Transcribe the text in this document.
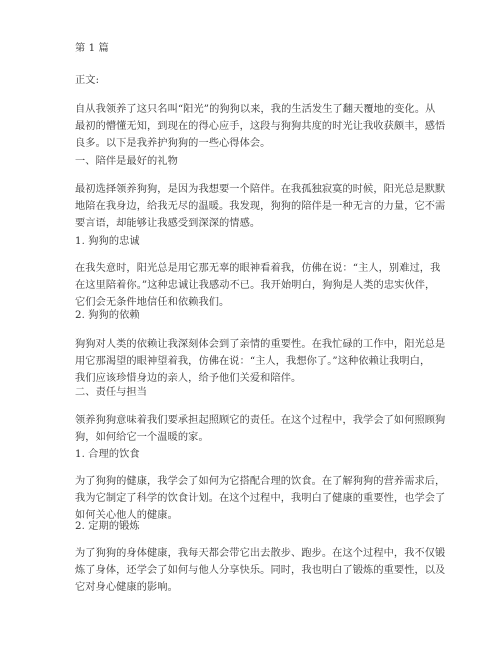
第 1 篇

正文:

自从我领养了这只名叫“阳光”的狗狗以来，我的生活发生了翻天覆地的变化。从
最初的懵懂无知，到现在的得心应手，这段与狗狗共度的时光让我收获颇丰，感悟
良多。以下是我养护狗狗的一些心得体会。

一、陪伴是最好的礼物

最初选择领养狗狗，是因为我想要一个陪伴。在我孤独寂寞的时候，阳光总是默默
地陪在我身边，给我无尽的温暖。我发现，狗狗的陪伴是一种无言的力量，它不需
要言语，却能够让我感受到深深的情感。

1. 狗狗的忠诚

在我失意时，阳光总是用它那无辜的眼神看着我，仿佛在说：“主人，别难过，我
在这里陪着你。”这种忠诚让我感动不已。我开始明白，狗狗是人类的忠实伙伴，
它们会无条件地信任和依赖我们。

2. 狗狗的依赖

狗狗对人类的依赖让我深刻体会到了亲情的重要性。在我忙碌的工作中，阳光总是
用它那渴望的眼神望着我，仿佛在说：“主人，我想你了。”这种依赖让我明白，
我们应该珍惜身边的亲人，给予他们关爱和陪伴。

二、责任与担当

领养狗狗意味着我们要承担起照顾它的责任。在这个过程中，我学会了如何照顾狗
狗，如何给它一个温暖的家。

1. 合理的饮食

为了狗狗的健康，我学会了如何为它搭配合理的饮食。在了解狗狗的营养需求后，
我为它制定了科学的饮食计划。在这个过程中，我明白了健康的重要性，也学会了
如何关心他人的健康。

2. 定期的锻炼

为了狗狗的身体健康，我每天都会带它出去散步、跑步。在这个过程中，我不仅锻
炼了身体，还学会了如何与他人分享快乐。同时，我也明白了锻炼的重要性，以及
它对身心健康的影响。
